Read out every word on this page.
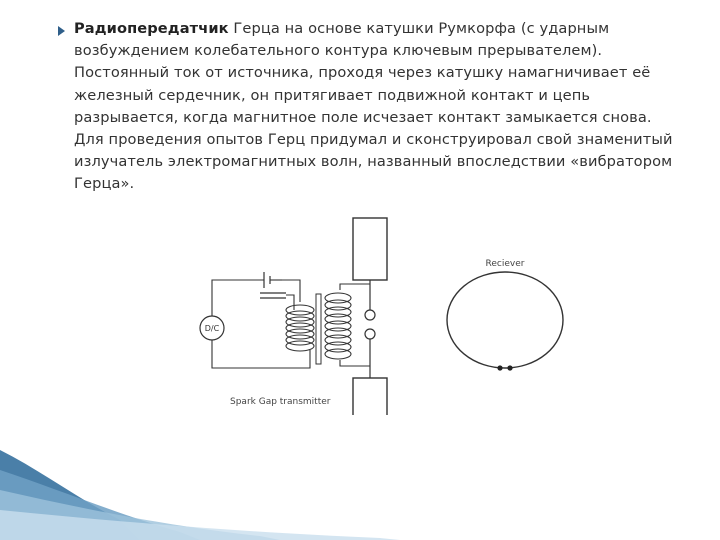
Радиопередатчик Герца на основе катушки Румкорфа (с ударным возбуждением колебательного контура ключевым прерывателем). Постоянный ток от источника, проходя через катушку намагничивает её железный сердечник, он притягивает подвижной контакт и цепь разрывается, когда магнитное поле исчезает контакт замыкается снова. Для проведения опытов Герц придумал и сконструировал свой знаменитый излучатель электромагнитных волн, названный впоследствии «вибратором Герца».
D/C
Spark Gap transmitter
Reciever
